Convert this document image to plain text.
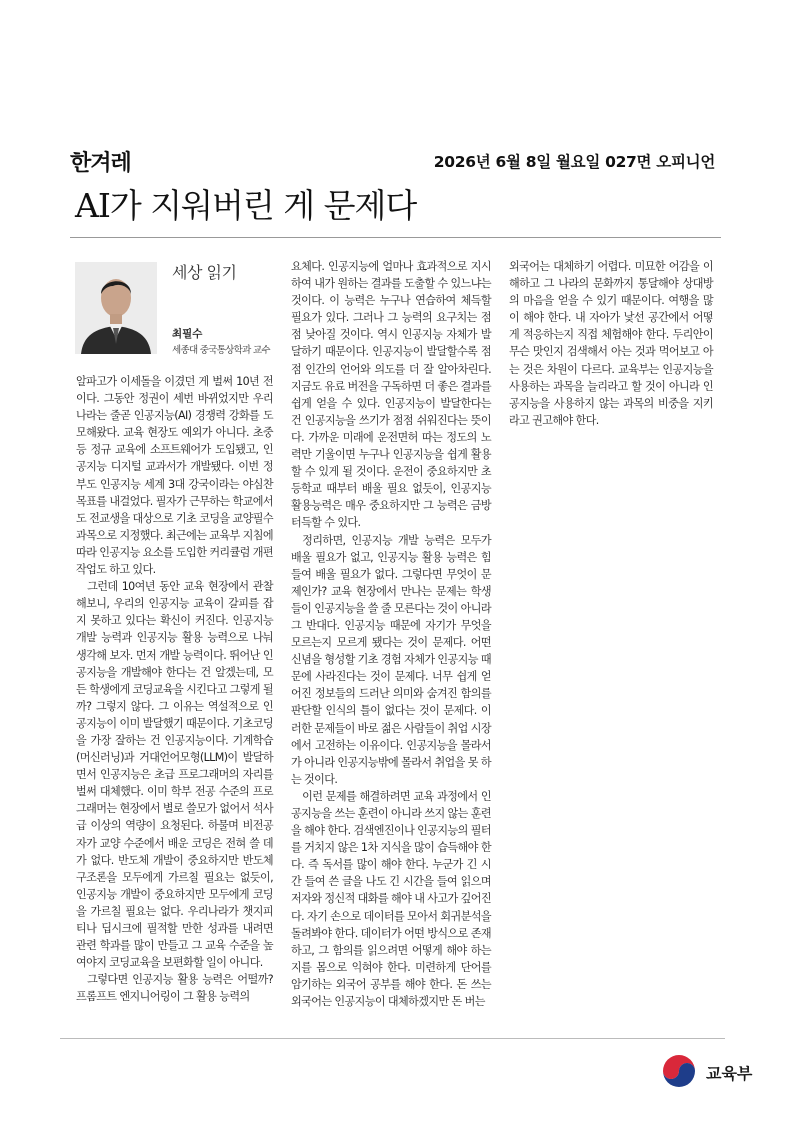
한겨레	2026년 6월 8일 월요일 027면 오피니언
AI가 지워버린 게 문제다
세상 읽기
최필수
세종대 중국통상학과 교수

알파고가 이세돌을 이겼던 게 벌써 10년 전이다. 그동안 정권이 세번 바뀌었지만 우리나라는 줄곧 인공지능(AI) 경쟁력 강화를 도모해왔다. 교육 현장도 예외가 아니다. 초중등 정규 교육에 소프트웨어가 도입됐고, 인공지능 디지털 교과서가 개발됐다. 이번 정부도 인공지능 세계 3대 강국이라는 야심찬 목표를 내걸었다. 필자가 근무하는 학교에서도 전교생을 대상으로 기초 코딩을 교양필수 과목으로 지정했다. 최근에는 교육부 지침에 따라 인공지능 요소를 도입한 커리큘럼 개편 작업도 하고 있다.

그런데 10여년 동안 교육 현장에서 관찰해보니, 우리의 인공지능 교육이 갈피를 잡지 못하고 있다는 확신이 커진다. 인공지능 개발 능력과 인공지능 활용 능력으로 나눠 생각해 보자. 먼저 개발 능력이다. 뛰어난 인공지능을 개발해야 한다는 건 알겠는데, 모든 학생에게 코딩교육을 시킨다고 그렇게 될까? 그렇지 않다. 그 이유는 역설적으로 인공지능이 이미 발달했기 때문이다. 기초코딩을 가장 잘하는 건 인공지능이다. 기계학습(머신러닝)과 거대언어모형(LLM)이 발달하면서 인공지능은 초급 프로그래머의 자리를 벌써 대체했다. 이미 학부 전공 수준의 프로그래머는 현장에서 별로 쓸모가 없어서 석사급 이상의 역량이 요청된다. 하물며 비전공자가 교양 수준에서 배운 코딩은 전혀 쓸 데가 없다. 반도체 개발이 중요하지만 반도체 구조론을 모두에게 가르칠 필요는 없듯이, 인공지능 개발이 중요하지만 모두에게 코딩을 가르칠 필요는 없다. 우리나라가 챗지피티나 딥시크에 필적할 만한 성과를 내려면 관련 학과를 많이 만들고 그 교육 수준을 높여야지 코딩교육을 보편화할 일이 아니다.

그렇다면 인공지능 활용 능력은 어떨까? 프롬프트 엔지니어링이 그 활용 능력의

요체다. 인공지능에 얼마나 효과적으로 지시하여 내가 원하는 결과를 도출할 수 있느냐는 것이다. 이 능력은 누구나 연습하여 체득할 필요가 있다. 그러나 그 능력의 요구치는 점점 낮아질 것이다. 역시 인공지능 자체가 발달하기 때문이다. 인공지능이 발달할수록 점점 인간의 언어와 의도를 더 잘 알아차린다. 지금도 유료 버전을 구독하면 더 좋은 결과를 쉽게 얻을 수 있다. 인공지능이 발달한다는 건 인공지능을 쓰기가 점점 쉬워진다는 뜻이다. 가까운 미래에 운전면허 따는 정도의 노력만 기울이면 누구나 인공지능을 쉽게 활용할 수 있게 될 것이다. 운전이 중요하지만 초등학교 때부터 배울 필요 없듯이, 인공지능 활용능력은 매우 중요하지만 그 능력은 금방 터득할 수 있다.

정리하면, 인공지능 개발 능력은 모두가 배울 필요가 없고, 인공지능 활용 능력은 힘들여 배울 필요가 없다. 그렇다면 무엇이 문제인가? 교육 현장에서 만나는 문제는 학생들이 인공지능을 쓸 줄 모른다는 것이 아니라 그 반대다. 인공지능 때문에 자기가 무엇을 모르는지 모르게 됐다는 것이 문제다. 어떤 신념을 형성할 기초 경험 자체가 인공지능 때문에 사라진다는 것이 문제다. 너무 쉽게 얻어진 정보들의 드러난 의미와 숨겨진 함의를 판단할 인식의 틀이 없다는 것이 문제다. 이러한 문제들이 바로 젊은 사람들이 취업 시장에서 고전하는 이유이다. 인공지능을 몰라서가 아니라 인공지능밖에 몰라서 취업을 못 하는 것이다.

이런 문제를 해결하려면 교육 과정에서 인공지능을 쓰는 훈련이 아니라 쓰지 않는 훈련을 해야 한다. 검색엔진이나 인공지능의 필터를 거치지 않은 1차 지식을 많이 습득해야 한다. 즉 독서를 많이 해야 한다. 누군가 긴 시간 들여 쓴 글을 나도 긴 시간을 들여 읽으며 저자와 정신적 대화를 해야 내 사고가 깊어진다. 자기 손으로 데이터를 모아서 회귀분석을 돌려봐야 한다. 데이터가 어떤 방식으로 존재하고, 그 함의를 읽으려면 어떻게 해야 하는지를 몸으로 익혀야 한다. 미련하게 단어를 암기하는 외국어 공부를 해야 한다. 돈 쓰는 외국어는 인공지능이 대체하겠지만 돈 버는

외국어는 대체하기 어렵다. 미묘한 어감을 이해하고 그 나라의 문화까지 통달해야 상대방의 마음을 얻을 수 있기 때문이다. 여행을 많이 해야 한다. 내 자아가 낯선 공간에서 어떻게 적응하는지 직접 체험해야 한다. 두리안이 무슨 맛인지 검색해서 아는 것과 먹어보고 아는 것은 차원이 다르다. 교육부는 인공지능을 사용하는 과목을 늘리라고 할 것이 아니라 인공지능을 사용하지 않는 과목의 비중을 지키라고 권고해야 한다.

교육부
